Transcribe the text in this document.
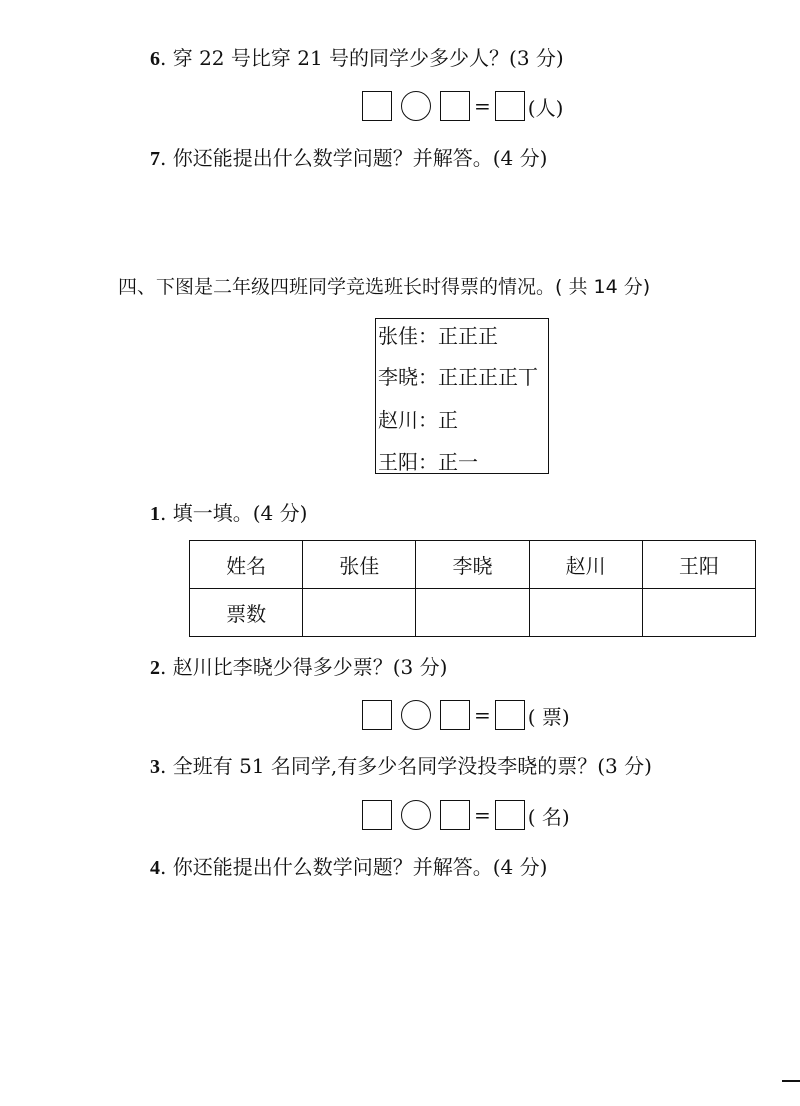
6. 穿 22 号比穿 21 号的同学少多少人？(3 分)
= (人)
7. 你还能提出什么数学问题？并解答。(4 分)
四、下图是二年级四班同学竞选班长时得票的情况。( 共 14 分)
张佳：正正正
李晓：正正正正丅
赵川：正
王阳：正一
1. 填一填。(4 分)
姓名	张佳	李晓	赵川	王阳
票数				
2. 赵川比李晓少得多少票？(3 分)
= ( 票)
3. 全班有 51 名同学,有多少名同学没投李晓的票？(3 分)
= ( 名)
4. 你还能提出什么数学问题？并解答。(4 分)
